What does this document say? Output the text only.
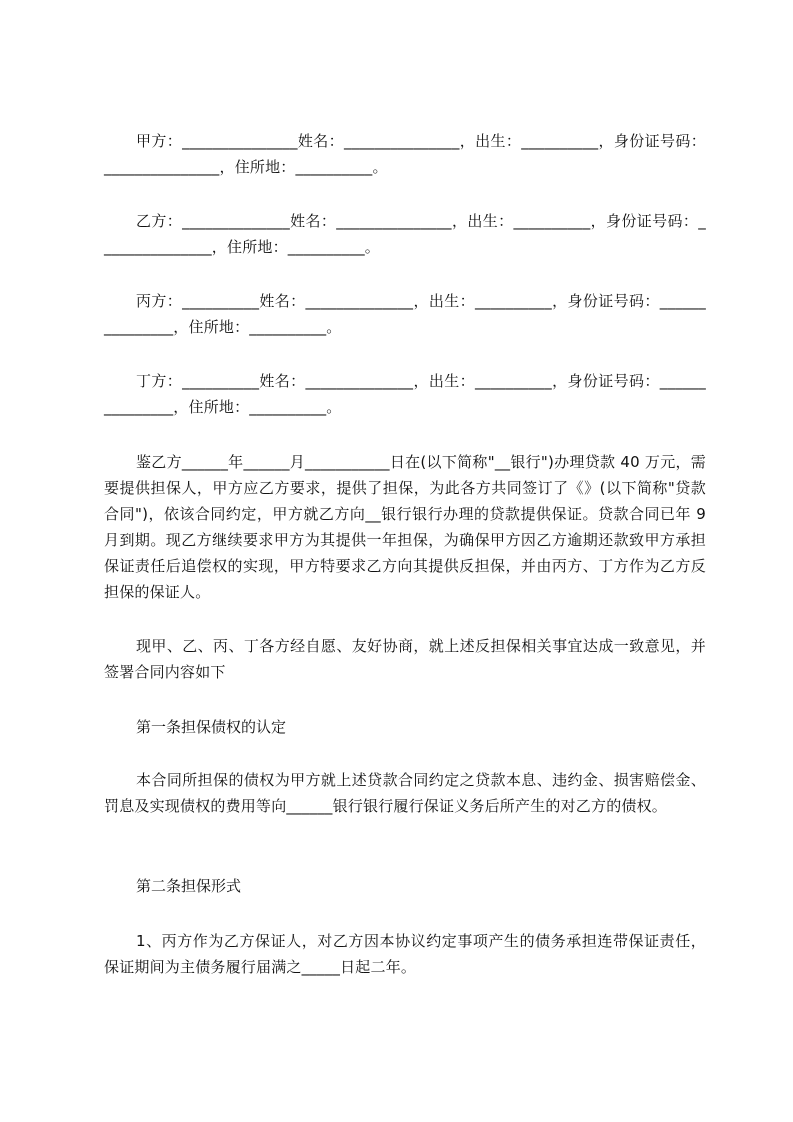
甲方：_______________姓名：_______________，出生：__________，身份证号码：_______________，住所地：__________。

乙方：______________姓名：_______________，出生：__________，身份证号码：_______________，住所地：__________。

丙方：__________姓名：______________，出生：__________，身份证号码：_______________，住所地：__________。

丁方：__________姓名：______________，出生：__________，身份证号码：_______________，住所地：__________。

鉴乙方______年______月___________日在(以下简称"__银行")办理贷款 40 万元，需要提供担保人，甲方应乙方要求，提供了担保，为此各方共同签订了《》(以下简称"贷款合同")，依该合同约定，甲方就乙方向__银行银行办理的贷款提供保证。贷款合同已年 9 月到期。现乙方继续要求甲方为其提供一年担保，为确保甲方因乙方逾期还款致甲方承担保证责任后追偿权的实现，甲方特要求乙方向其提供反担保，并由丙方、丁方作为乙方反担保的保证人。

现甲、乙、丙、丁各方经自愿、友好协商，就上述反担保相关事宜达成一致意见，并签署合同内容如下

第一条担保债权的认定

本合同所担保的债权为甲方就上述贷款合同约定之贷款本息、违约金、损害赔偿金、罚息及实现债权的费用等向______银行银行履行保证义务后所产生的对乙方的债权。

第二条担保形式

1、丙方作为乙方保证人，对乙方因本协议约定事项产生的债务承担连带保证责任，保证期间为主债务履行届满之_____日起二年。
